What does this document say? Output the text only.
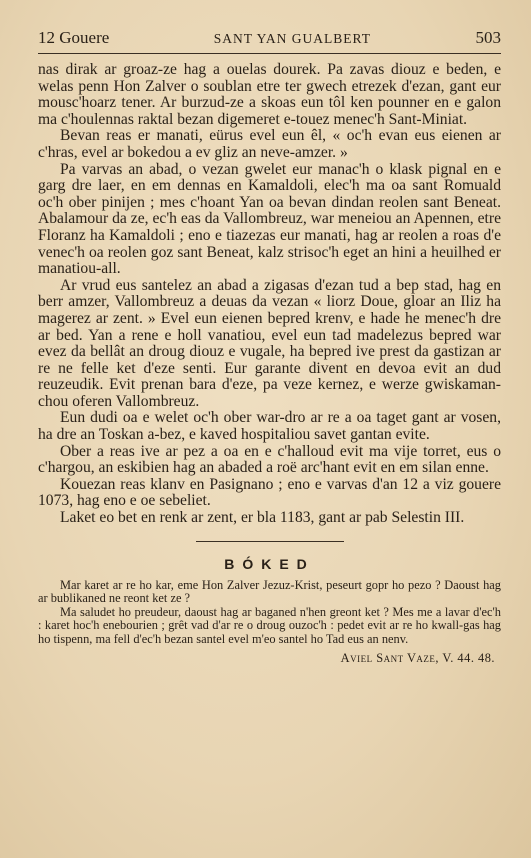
12 Gouere	SANT YAN GUALBERT	503

nas dirak ar groaz-ze hag a ouelas dourek. Pa zavas diouz e beden, e welas penn Hon Zalver o soublan etre ter gwech etrezek d'ezan, gant eur mousc'hoarz tener. Ar burzud-ze a skoas eun tôl ken pounner en e galon ma c'houlennas raktal bezan digemeret e-touez menec'h Sant-Miniat.

Bevan reas er manati, eürus evel eun êl, « oc'h evan eus eienen ar c'hras, evel ar bokedou a ev gliz an neve-amzer. »

Pa varvas an abad, o vezan gwelet eur manac'h o klask pignal en e garg dre laer, en em dennas en Kamaldoli, elec'h ma oa sant Romuald oc'h ober pinijen ; mes c'hoant Yan oa bevan dindan reolen sant Beneat. Abalamour da ze, ec'h eas da Vallombreuz, war meneiou an Apennen, etre Floranz ha Kamaldoli ; eno e tiazezas eur manati, hag ar reolen a roas d'e venec'h oa reolen goz sant Beneat, kalz strisoc'h eget an hini a heuilhed er manatiou-all.

Ar vrud eus santelez an abad a zigasas d'ezan tud a bep stad, hag en berr amzer, Vallombreuz a deuas da vezan « liorz Doue, gloar an Iliz ha magerez ar zent. » Evel eun eienen bepred krenv, e hade he menec'h dre ar bed. Yan a rene e holl vanatiou, evel eun tad madelezus bepred war evez da bellât an droug diouz e vugale, ha bepred ive prest da gastizan ar re ne felle ket d'eze senti. Eur garante divent en devoa evit an dud reuzeudik. Evit prenan bara d'eze, pa veze kernez, e werze gwiskaman-chou oferen Vallombreuz.

Eun dudi oa e welet oc'h ober war-dro ar re a oa taget gant ar vosen, ha dre an Toskan a-bez, e kaved hospitaliou savet gantan evite.

Ober a reas ive ar pez a oa en e c'halloud evit ma vije torret, eus o c'hargou, an eskibien hag an abaded a roë arc'hant evit en em silan enne.

Kouezan reas klanv en Pasignano ; eno e varvas d'an 12 a viz gouere 1073, hag eno e oe sebeliet.

Laket eo bet en renk ar zent, er bla 1183, gant ar pab Selestin III.

BÓKED

Mar karet ar re ho kar, eme Hon Zalver Jezuz-Krist, peseurt gopr ho pezo ? Daoust hag ar bublikaned ne reont ket ze ?

Ma saludet ho preudeur, daoust hag ar baganed n'hen greont ket ? Mes me a lavar d'ec'h : karet hoc'h enebourien ; grêt vad d'ar re o droug ouzoc'h : pedet evit ar re ho kwall-gas hag ho tispenn, ma fell d'ec'h bezan santel evel m'eo santel ho Tad eus an nenv.

Aviel Sant Vaze, V. 44. 48.
